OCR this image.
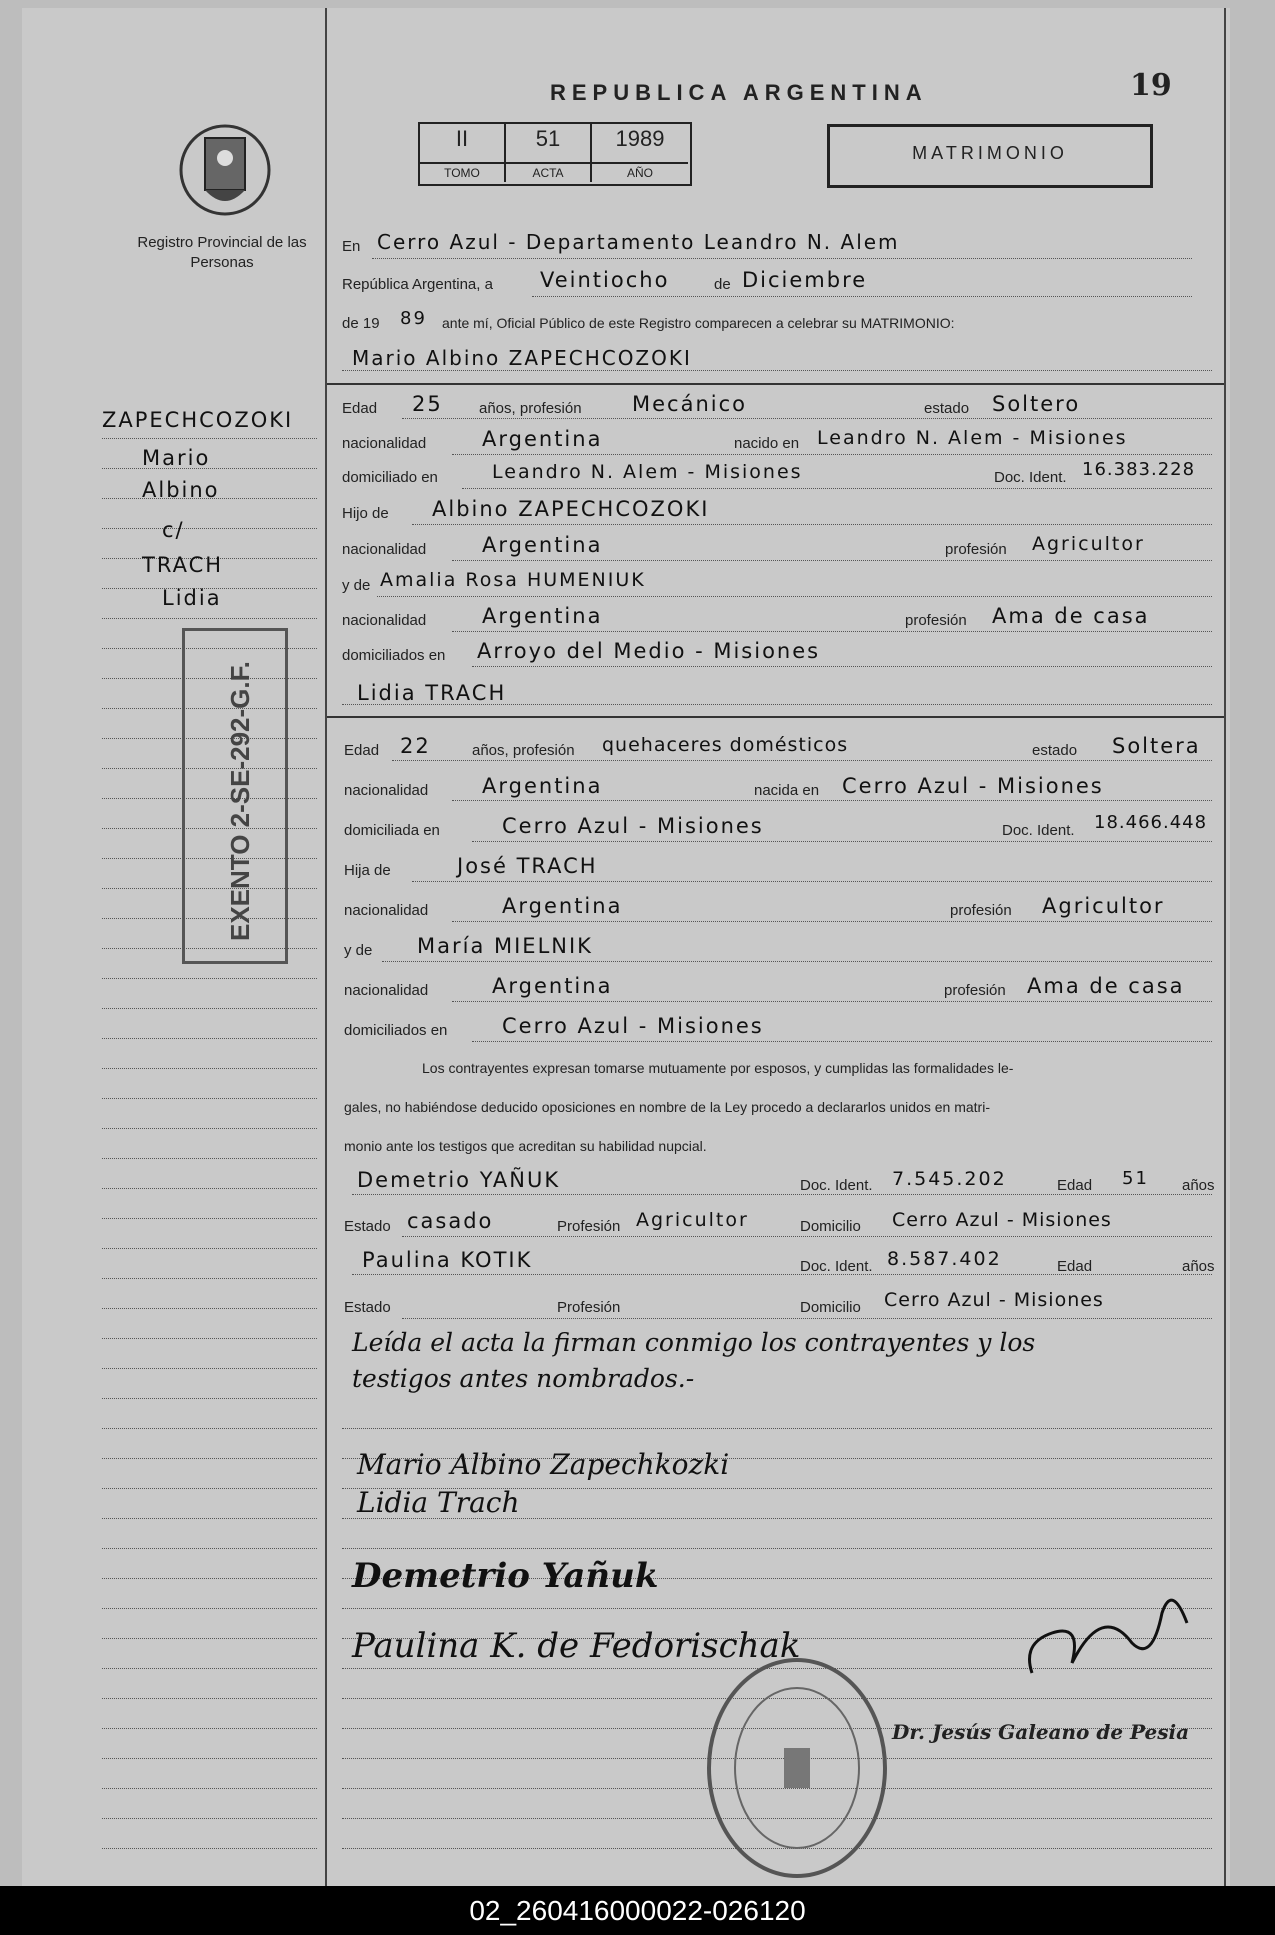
Registro Provincial de las Personas
REPUBLICA ARGENTINA	19
II
TOMO
51
ACTA
1989
AÑO
MATRIMONIO
ZAPECHCOZOKI
Mario
Albino
c/
TRACH
Lidia
EXENTO 2-SE-292-G.F.
En Cerro Azul - Departamento Leandro N. Alem
República Argentina, a Veintiocho	de Diciembre
de 19 89 ante mí, Oficial Público de este Registro comparecen a celebrar su MATRIMONIO:
Mario Albino ZAPECHCOZOKI
Edad 25 años, profesión Mecánico	estado Soltero
nacionalidad	Argentina	nacido en Leandro N. Alem - Misiones
domiciliado en	Leandro N. Alem - Misiones	Doc. Ident. 16.383.228
Hijo de Albino ZAPECHCOZOKI
nacionalidad	Argentina	profesión Agricultor
y de Amalia Rosa HUMENIUK
nacionalidad	Argentina	profesión Ama de casa
domiciliados en Arroyo del Medio - Misiones
Lidia TRACH
Edad 22	años, profesión quehaceres domésticos	estado Soltera
nacionalidad	Argentina	nacida en Cerro Azul - Misiones
domiciliada en	Cerro Azul - Misiones	Doc. Ident. 18.466.448
Hija de	José TRACH
nacionalidad	Argentina	profesión Agricultor
y de María MIELNIK
nacionalidad	Argentina	profesión Ama de casa
domiciliados en	Cerro Azul - Misiones
Los contrayentes expresan tomarse mutuamente por esposos, y cumplidas las formalidades le-
gales, no habiéndose deducido oposiciones en nombre de la Ley procedo a declararlos unidos en matri-
monio ante los testigos que acreditan su habilidad nupcial.
Demetrio YAÑUK	Doc. Ident. 7.545.202	Edad 51 años
Estado casado	Profesión Agricultor	Domicilio Cerro Azul - Misiones
Paulina KOTIK	Doc. Ident. 8.587.402	Edad	años
Estado	Profesión	Domicilio Cerro Azul - Misiones
Leída el acta la firman conmigo los contrayentes y los
testigos antes nombrados.-
Mario Albino Zapechkozki
Lidia Trach
Demetrio Yañuk
Paulina K. de Fedorischak
Dr. Jesús Galeano de Pesia
02_260416000022-026120
